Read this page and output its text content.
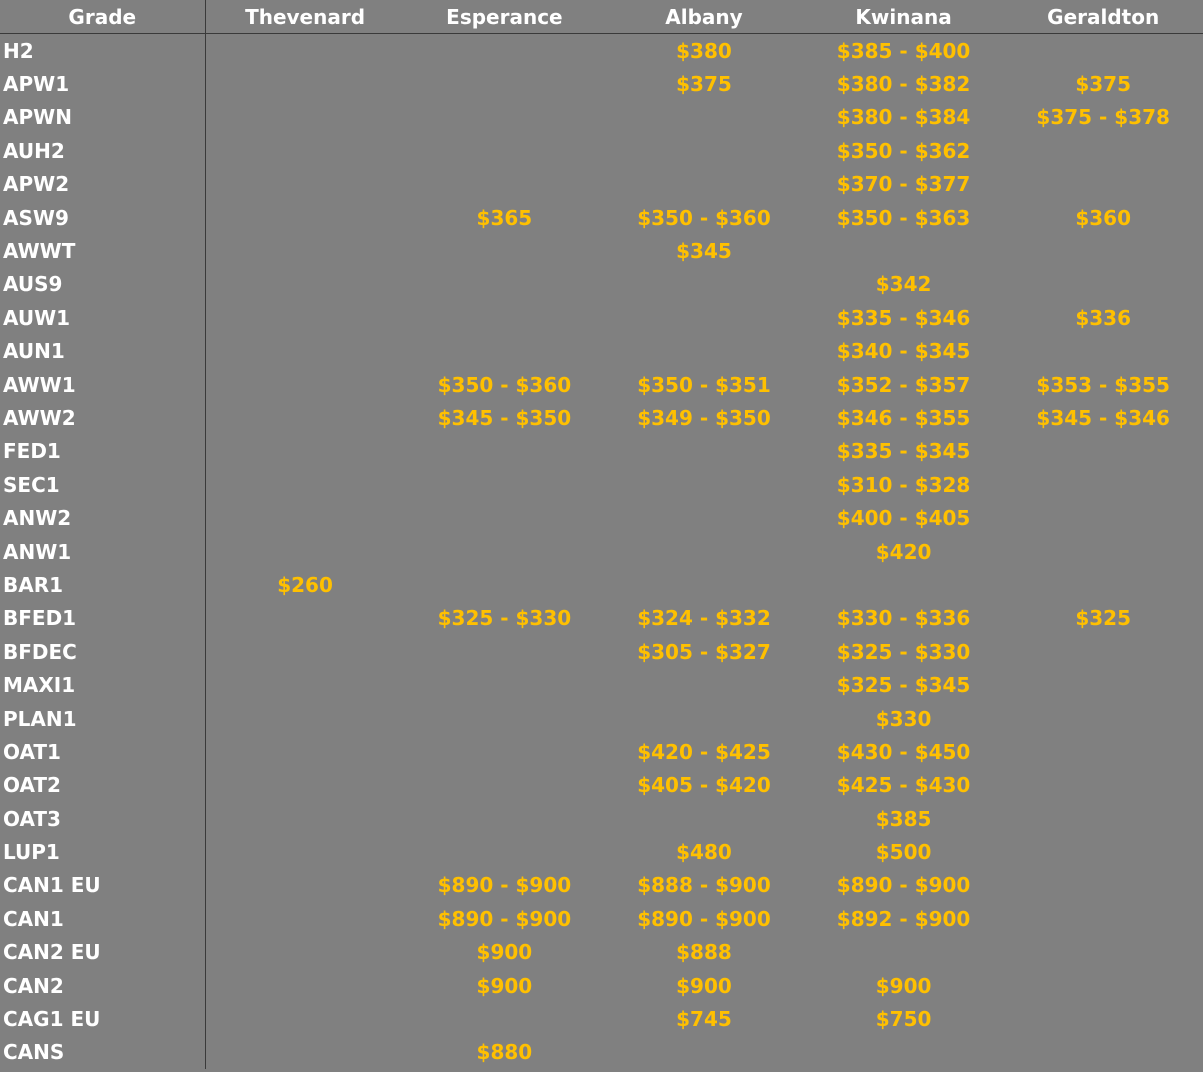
Grade	Thevenard	Esperance	Albany	Kwinana	Geraldton
H2			$380	$385 - $400	
APW1			$375	$380 - $382	$375
APWN				$380 - $384	$375 - $378
AUH2				$350 - $362	
APW2				$370 - $377	
ASW9		$365	$350 - $360	$350 - $363	$360
AWWT			$345		
AUS9				$342	
AUW1				$335 - $346	$336
AUN1				$340 - $345	
AWW1		$350 - $360	$350 - $351	$352 - $357	$353 - $355
AWW2		$345 - $350	$349 - $350	$346 - $355	$345 - $346
FED1				$335 - $345	
SEC1				$310 - $328	
ANW2				$400 - $405	
ANW1				$420	
BAR1	$260				
BFED1		$325 - $330	$324 - $332	$330 - $336	$325
BFDEC			$305 - $327	$325 - $330	
MAXI1				$325 - $345	
PLAN1				$330	
OAT1			$420 - $425	$430 - $450	
OAT2			$405 - $420	$425 - $430	
OAT3				$385	
LUP1			$480	$500	
CAN1 EU		$890 - $900	$888 - $900	$890 - $900	
CAN1		$890 - $900	$890 - $900	$892 - $900	
CAN2 EU		$900	$888		
CAN2		$900	$900	$900	
CAG1 EU			$745	$750	
CANS		$880			
